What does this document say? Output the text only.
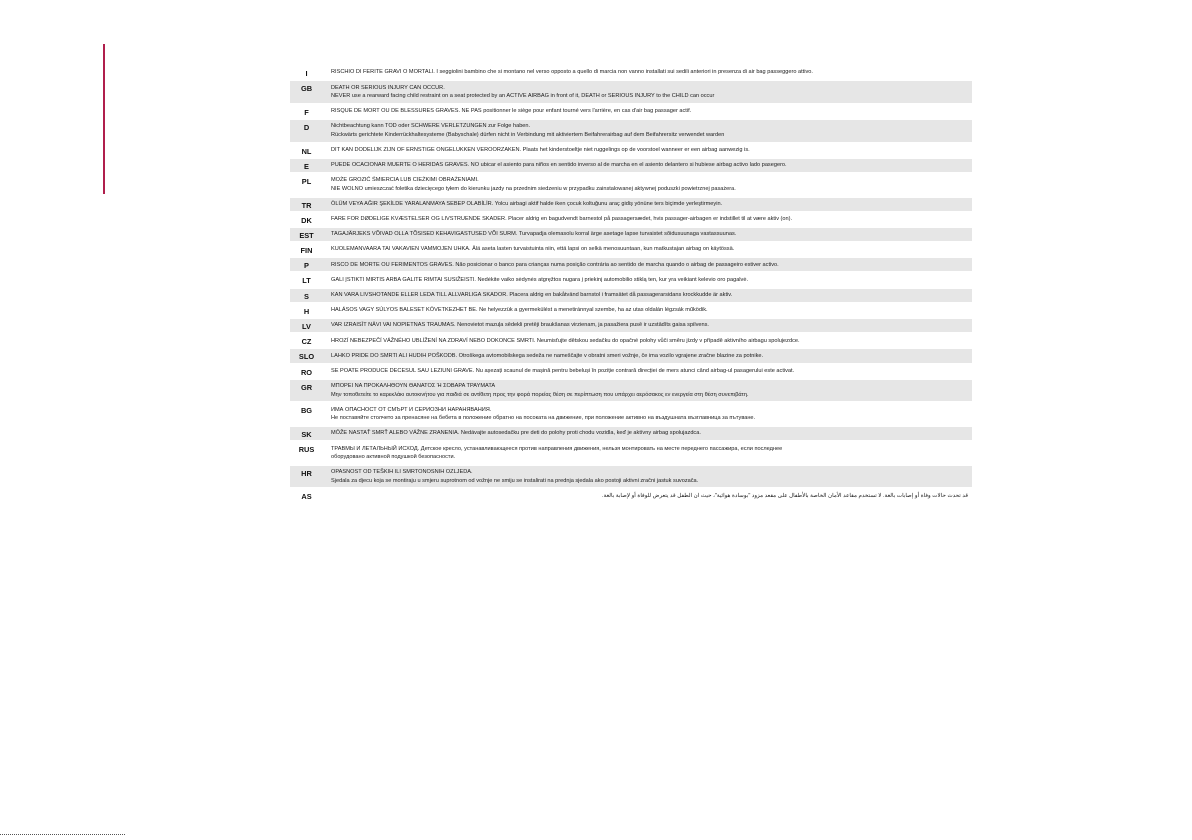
I	RISCHIO DI FERITE GRAVI O MORTALI. I seggiolini bambino che si montano nel verso opposto a quello di marcia non vanno installati sui sedili anteriori in presenza di air bag passeggero attivo.

GB	DEATH OR SERIOUS INJURY CAN OCCUR.
NEVER use a rearward facing child restraint on a seat protected by an ACTIVE AIRBAG in front of it, DEATH or SERIOUS INJURY to the CHILD can occur

F	RISQUE DE MORT OU DE BLESSURES GRAVES. NE PAS positionner le siège pour enfant tourné vers l'arrière, en cas d'air bag passager actif.

D	Nichtbeachtung kann TOD oder SCHWERE VERLETZUNGEN zur Folge haben.
Rückwärts gerichtete Kinderrückhaltesysteme (Babyschale) dürfen nicht in Verbindung mit aktiviertem Beifahrerairbag auf dem Beifahrersitz verwendet warden

NL	DIT KAN DODELIJK ZIJN OF ERNSTIGE ONGELUKKEN VEROORZAKEN. Plaats het kinderstoeltje niet ruggelings op de voorstoel wanneer er een airbag aanwezig is.

E	PUEDE OCACIONAR MUERTE O HERIDAS GRAVES. NO ubicar el asiento para niños en sentido inverso al de marcha en el asiento delantero si hubiese airbag activo lado pasegero.

PL	MOŻE GROZIĆ ŚMIERCIA LUB CIEŻKIMI OBRAŻENIAMI.
NIE WOLNO umieszczać foletika dziecięcego tyłem do kierunku jazdy na przednim siedzeniu w przypadku zainstalowanej aktywnej poduszki powietrznej pasażera.

TR	ÖLÜM VEYA AĞIR ŞEKİLDE YARALANMAYA SEBEP OLABİLİR. Yolcu airbagi aktif halde iken çocuk koltuğunu araç gidiş yönüne ters biçimde yerleştirmeyin.

DK	FARE FOR DØDELIGE KVÆSTELSER OG LIVSTRUENDE SKADER. Placer aldrig en bagudvendt barnestol på passagersædet, hvis passager-airbagen er indstillet til at være aktiv (on).

EST	TAGAJÄRJEKS VÕIVAD OLLA TÕSISED KEHAVIGASTUSED VÕI SURM. Turvapadja olemasolu korral ärge asetage lapse turvaistet sõidusuunaga vastassuunas.

FIN	KUOLEMANVAARA TAI VAKAVIEN VAMMOJEN UHKA. Älä aseta lasten turvaistuinta niin, että lapsi on selkä menosuuntaan, kun matkustajan airbag on käytössä.

P	RISCO DE MORTE OU FERIMENTOS GRAVES. Não posicionar o banco para crianças numa posição contrária ao sentido de marcha quando o airbag de passageiro estiver activo.

LT	GALI ĮSTIKTI MIRTIS ARBA GALITE RIMTAI SUSIŽEISTI. Nedėkite vaiko sėdynės atgręžtos nugara į priekinį automobilio stiklą ten, kur yra veikiant kelevio oro pagalvė.

S	KAN VARA LIVSHOTANDE ELLER LEDA TILL ALLVARLIGA SKADOR. Placera aldrig en bakåtvänd barnstol i framsätet då passagerarsidans krockkudde är aktiv.

H	HALÁSOS VAGY SÚLYOS BALESET KÖVETKEZHET BE. Ne helyezzük a gyermekülést a menetiránnyal szembe, ha az utas oldalán légzsák működik.

LV	VAR IZRAISĪT NĀVI VAI NOPIETNAS TRAUMAS. Nenovietot mazuļa sēdekli pretēji braukšanas virzienam, ja pasažiera pusē ir uzstādīts gaisa spilvens.

CZ	HROZÍ NEBEZPEČÍ VÁŽNÉHO UBLÍŽENÍ NA ZDRAVÍ NEBO DOKONCE SMRTI. Neumisťujte dětskou sedačku do opačné polohy vůči směru jízdy v případě aktivního airbagu spolujezdce.

SLO	LAHKO PRIDE DO SMRTI ALI HUDIH POŠKODB. Otroškega avtomobilskega sedeža ne nameščajte v obratni smeri vožnje, če ima vozilo vgrajene zračne blazine za potnike.

RO	SE POATE PRODUCE DECESUL SAU LEZIUNI GRAVE. Nu așezați scaunul de mașină pentru bebeluși în poziție contrară direcției de mers atunci când airbag-ul pasagerului este activat.

GR	ΜΠΟΡΕΙ ΝΑ ΠΡΟΚΑΛΗΘΟΥΝ ΘΑΝΑΤΟΣ Ή ΣΟΒΑΡΑ ΤΡΑΥΜΑΤΑ
Μην τοποθετείτε το καρεκλάκι αυτοκινήτου για παιδιά σε αντίθετη προς την φορά πορείας θέση σε περίπτωση που υπάρχει αερόσακος εν ενεργεία στη θέση συνεπιβάτη.

BG	ИМА ОПАСНОСТ ОТ СМЪРТ И СЕРИОЗНИ НАРАНЯВАНИЯ.
Не поставяйте столчето за пренасяне на бебета в положение обратно на посоката на движение, при положение активно на въздушната възглавница за пътуване.

SK	MÔŽE NASTAŤ SMRŤ ALEBO VÁŽNE ZRANENIA. Nedávajte autosedačku pre deti do polohy proti chodu vozidla, keď je aktívny airbag spolujazdca.

RUS	ТРАВМЫ И ЛЕТАЛЬНЫЙ ИСХОД. Детское кресло, устанавливающееся против направления движения, нельзя монтировать на месте переднего пассажира, если последнее
оборудовано активной подушкой безопасности.

HR	OPASNOST OD TEŠKIH ILI SMRTONOSNIH OZLJEDA.
Sjedala za djecu koja se montiraju u smjeru suprotnom od vožnje ne smiju se instalirati na prednja sjedala ako postoji aktivni zračni jastuk suvozača.

AS	قد تحدث حالات وفاة أو إصابات بالغة. لا تستخدم مقاعد الأمان الخاصة بالأطفال على مقعد مزود "بوسادة هوائية"، حيث ان الطفل قد يتعرض للوفاة أو لإصابة بالغة.
